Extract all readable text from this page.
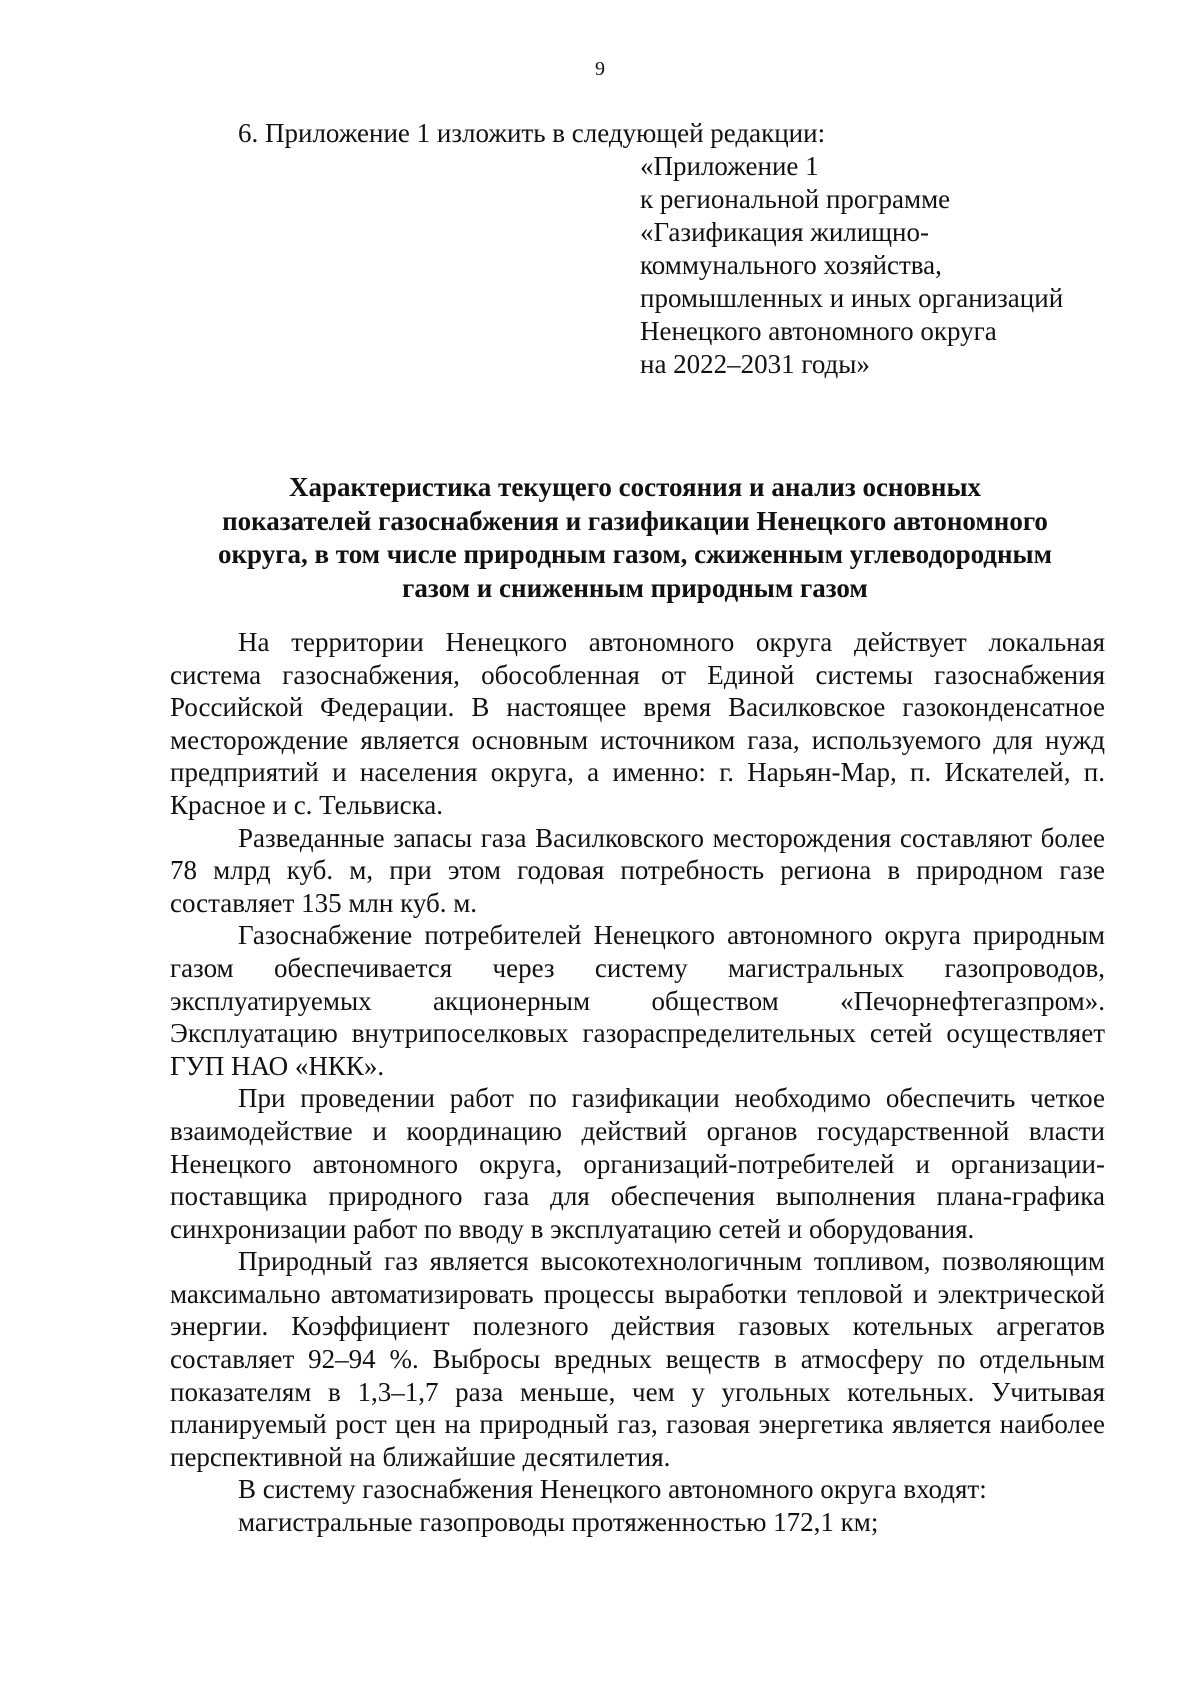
9
6. Приложение 1 изложить в следующей редакции:
«Приложение 1
к региональной программе
«Газификация жилищно-
коммунального хозяйства,
промышленных и иных организаций
Ненецкого автономного округа
на 2022–2031 годы»
Характеристика текущего состояния и анализ основных
показателей газоснабжения и газификации Ненецкого автономного
округа, в том числе природным газом, сжиженным углеводородным
газом и сниженным природным газом

На территории Ненецкого автономного округа действует локальная система газоснабжения, обособленная от Единой системы газоснабжения Российской Федерации. В настоящее время Василковское газоконденсатное месторождение является основным источником газа, используемого для нужд предприятий и населения округа, а именно: г. Нарьян-Мар, п. Искателей, п. Красное и с. Тельвиска.

Разведанные запасы газа Василковского месторождения составляют более 78 млрд куб. м, при этом годовая потребность региона в природном газе составляет 135 млн куб. м.

Газоснабжение потребителей Ненецкого автономного округа природным газом обеспечивается через систему магистральных газопроводов, эксплуатируемых акционерным обществом «Печорнефтегазпром». Эксплуатацию внутрипоселковых газораспределительных сетей осуществляет ГУП НАО «НКК».

При проведении работ по газификации необходимо обеспечить четкое взаимодействие и координацию действий органов государственной власти Ненецкого автономного округа, организаций-потребителей и организации-поставщика природного газа для обеспечения выполнения плана-графика синхронизации работ по вводу в эксплуатацию сетей и оборудования.

Природный газ является высокотехнологичным топливом, позволяющим максимально автоматизировать процессы выработки тепловой и электрической энергии. Коэффициент полезного действия газовых котельных агрегатов составляет 92–94 %. Выбросы вредных веществ в атмосферу по отдельным показателям в 1,3–1,7 раза меньше, чем у угольных котельных. Учитывая планируемый рост цен на природный газ, газовая энергетика является наиболее перспективной на ближайшие десятилетия.

В систему газоснабжения Ненецкого автономного округа входят:

магистральные газопроводы протяженностью 172,1 км;
